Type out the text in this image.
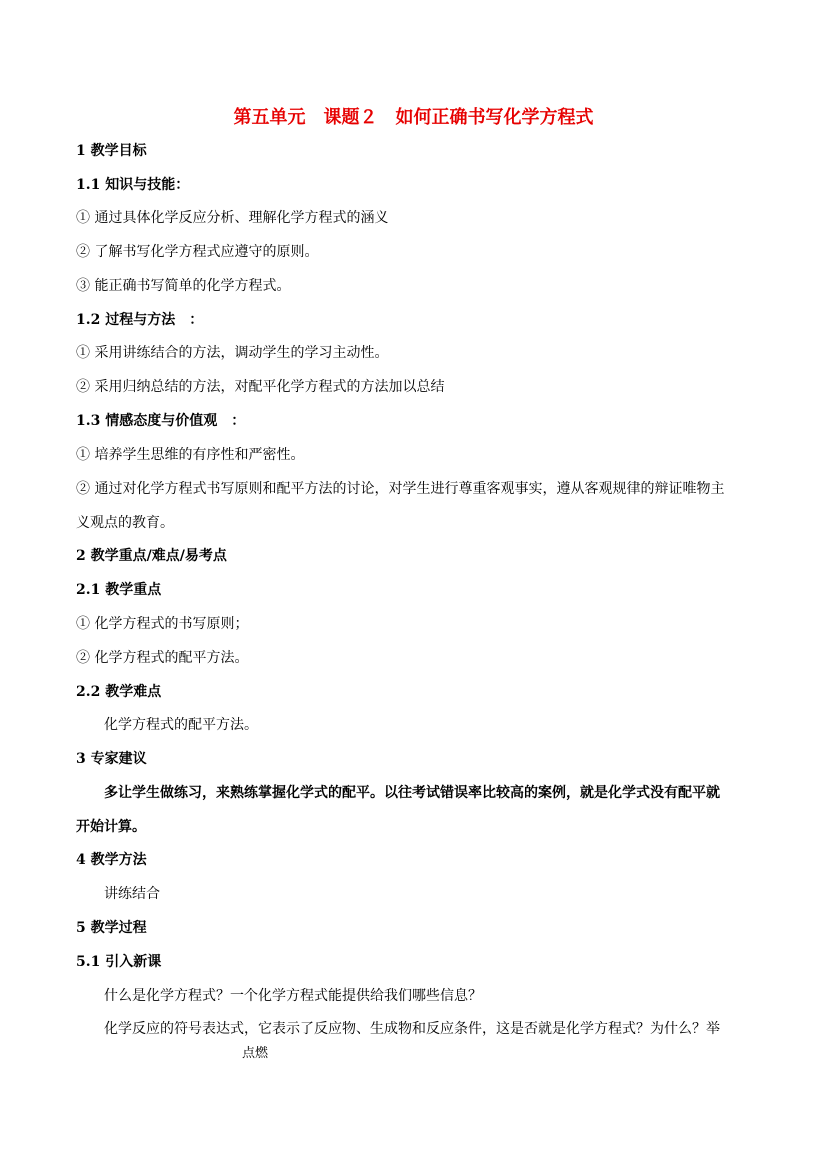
第五单元　课题２　如何正确书写化学方程式
1 教学目标
1.1 知识与技能：
① 通过具体化学反应分析、理解化学方程式的涵义
② 了解书写化学方程式应遵守的原则。
③ 能正确书写简单的化学方程式。
1.2 过程与方法　：
① 采用讲练结合的方法，调动学生的学习主动性。
② 采用归纳总结的方法，对配平化学方程式的方法加以总结
1.3 情感态度与价值观　：
① 培养学生思维的有序性和严密性。
② 通过对化学方程式书写原则和配平方法的讨论，对学生进行尊重客观事实，遵从客观规律的辩证唯物主
义观点的教育。
2 教学重点/难点/易考点
2.1 教学重点
① 化学方程式的书写原则；
② 化学方程式的配平方法。
2.2 教学难点
化学方程式的配平方法。
3 专家建议
多让学生做练习，来熟练掌握化学式的配平。以往考试错误率比较高的案例，就是化学式没有配平就
开始计算。
4 教学方法
讲练结合
5 教学过程
5.1 引入新课
什么是化学方程式？一个化学方程式能提供给我们哪些信息？
化学反应的符号表达式，它表示了反应物、生成物和反应条件，这是否就是化学方程式？为什么？举
点燃
